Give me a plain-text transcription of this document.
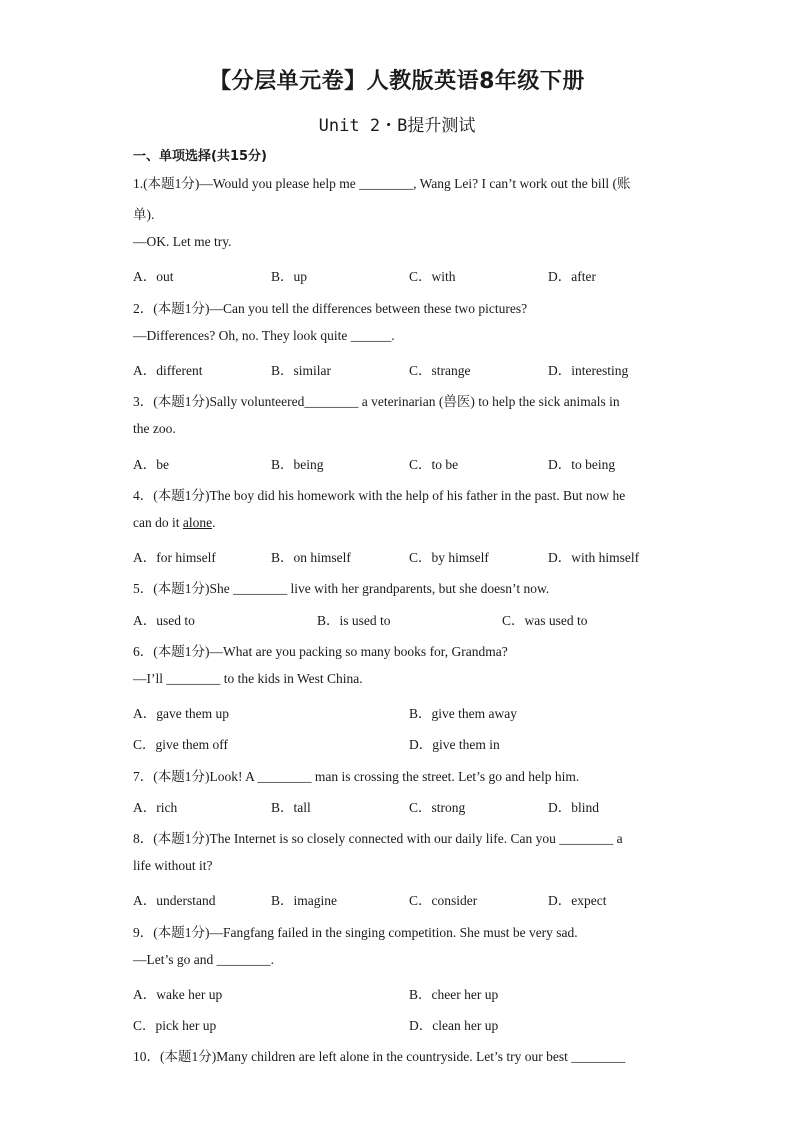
【分层单元卷】人教版英语8年级下册
Unit 2・B提升测试
一、单项选择(共15分)
1.(本题1分)—Would you please help me ________, Wang Lei? I can’t work out the bill (账
单).
—OK. Let me try.
A．out	B．up	C．with	D．after
2．(本题1分)—Can you tell the differences between these two pictures?
—Differences? Oh, no. They look quite ______.
A．different	B．similar	C．strange	D．interesting
3．(本题1分)Sally volunteered________ a veterinarian (兽医) to help the sick animals in
the zoo.
A．be	B．being	C．to be	D．to being
4．(本题1分)The boy did his homework with the help of his father in the past. But now he
can do it alone.
A．for himself	B．on himself	C．by himself	D．with himself
5．(本题1分)She ________ live with her grandparents, but she doesn’t now.
A．used to	B．is used to	C．was used to
6．(本题1分)—What are you packing so many books for, Grandma?
—I’ll ________ to the kids in West China.
A．gave them up	B．give them away
C．give them off	D．give them in
7．(本题1分)Look! A ________ man is crossing the street. Let’s go and help him.
A．rich	B．tall	C．strong	D．blind
8．(本题1分)The Internet is so closely connected with our daily life. Can you ________ a
life without it?
A．understand	B．imagine	C．consider	D．expect
9．(本题1分)—Fangfang failed in the singing competition. She must be very sad.
—Let’s go and ________.
A．wake her up	B．cheer her up
C．pick her up	D．clean her up
10．(本题1分)Many children are left alone in the countryside. Let’s try our best ________
